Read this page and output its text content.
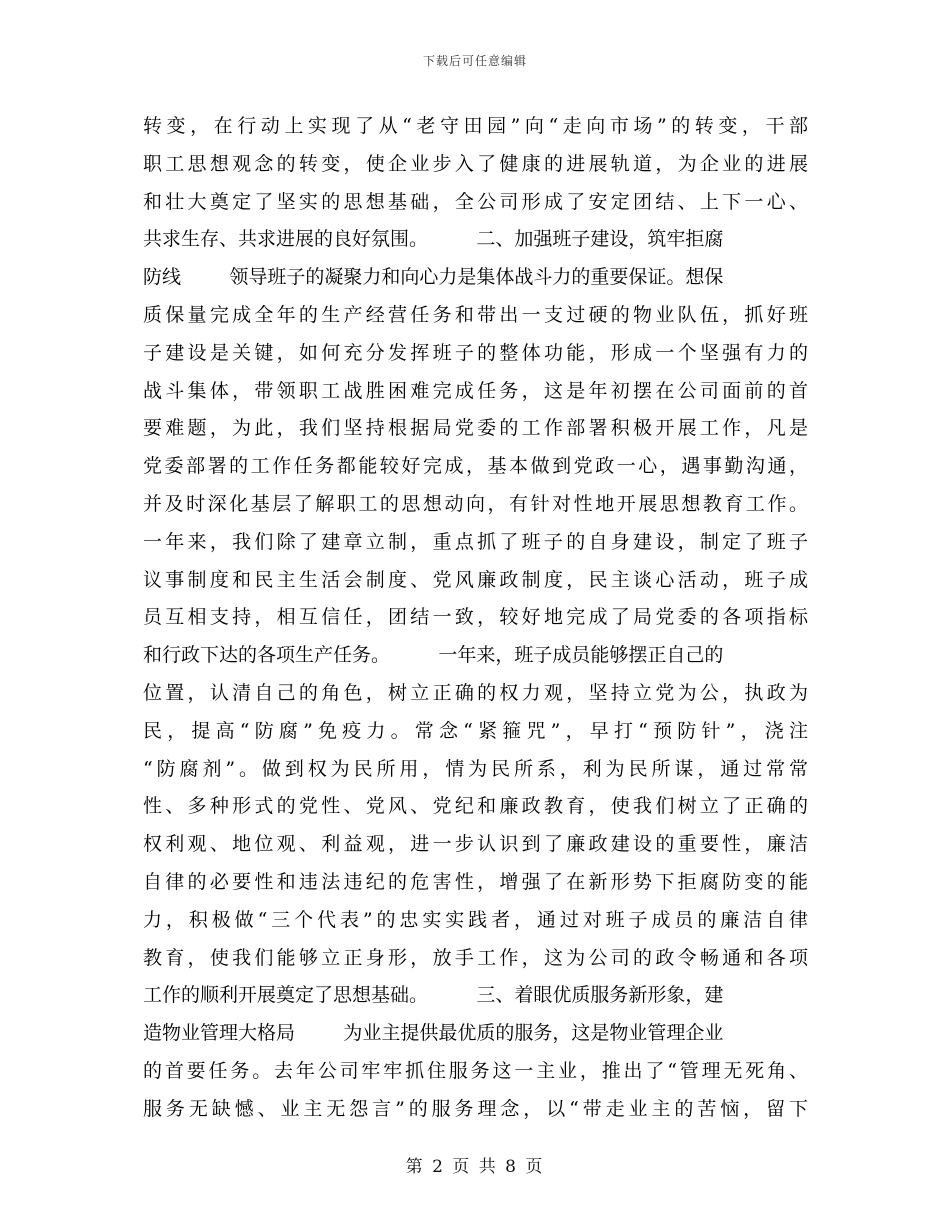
下载后可任意编辑
转变，在行动上实现了从“老守田园”向“走向市场”的转变，干部
职工思想观念的转变，使企业步入了健康的进展轨道，为企业的进展
和壮大奠定了坚实的思想基础，全公司形成了安定团结、上下一心、
共求生存、共求进展的良好氛围。        二、加强班子建设，筑牢拒腐
防线        领导班子的凝聚力和向心力是集体战斗力的重要保证。想保
质保量完成全年的生产经营任务和带出一支过硬的物业队伍，抓好班
子建设是关键，如何充分发挥班子的整体功能，形成一个坚强有力的
战斗集体，带领职工战胜困难完成任务，这是年初摆在公司面前的首
要难题，为此，我们坚持根据局党委的工作部署积极开展工作，凡是
党委部署的工作任务都能较好完成，基本做到党政一心，遇事勤沟通，
并及时深化基层了解职工的思想动向，有针对性地开展思想教育工作。
一年来，我们除了建章立制，重点抓了班子的自身建设，制定了班子
议事制度和民主生活会制度、党风廉政制度，民主谈心活动，班子成
员互相支持，相互信任，团结一致，较好地完成了局党委的各项指标
和行政下达的各项生产任务。        一年来，班子成员能够摆正自己的
位置，认清自己的角色，树立正确的权力观，坚持立党为公，执政为
民，提高“防腐”免疫力。常念“紧箍咒”，早打“预防针”，浇注
“防腐剂”。做到权为民所用，情为民所系，利为民所谋，通过常常
性、多种形式的党性、党风、党纪和廉政教育，使我们树立了正确的
权利观、地位观、利益观，进一步认识到了廉政建设的重要性，廉洁
自律的必要性和违法违纪的危害性，增强了在新形势下拒腐防变的能
力，积极做“三个代表”的忠实实践者，通过对班子成员的廉洁自律
教育，使我们能够立正身形，放手工作，这为公司的政令畅通和各项
工作的顺利开展奠定了思想基础。        三、着眼优质服务新形象，建
造物业管理大格局        为业主提供最优质的服务，这是物业管理企业
的首要任务。去年公司牢牢抓住服务这一主业，推出了“管理无死角、
服务无缺憾、业主无怨言”的服务理念，以“带走业主的苦恼，留下
第 2 页 共 8 页
